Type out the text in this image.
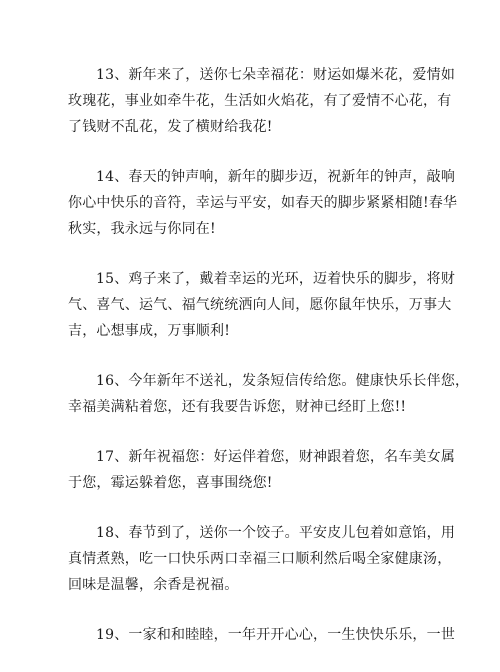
13、新年来了，送你七朵幸福花：财运如爆米花，爱情如
玫瑰花，事业如牵牛花，生活如火焰花，有了爱情不心花，有
了钱财不乱花，发了横财给我花!

14、春天的钟声响，新年的脚步迈，祝新年的钟声，敲响
你心中快乐的音符，幸运与平安，如春天的脚步紧紧相随!春华
秋实，我永远与你同在!

15、鸡子来了，戴着幸运的光环，迈着快乐的脚步，将财
气、喜气、运气、福气统统洒向人间，愿你鼠年快乐，万事大
吉，心想事成，万事顺利!

16、今年新年不送礼，发条短信传给您。健康快乐长伴您，
幸福美满粘着您，还有我要告诉您，财神已经盯上您!!

17、新年祝福您：好运伴着您，财神跟着您，名车美女属
于您，霉运躲着您，喜事围绕您!

18、春节到了，送你一个饺子。平安皮儿包着如意馅，用
真情煮熟，吃一口快乐两口幸福三口顺利然后喝全家健康汤，
回味是温馨，余香是祝福。

19、一家和和睦睦，一年开开心心，一生快快乐乐，一世
